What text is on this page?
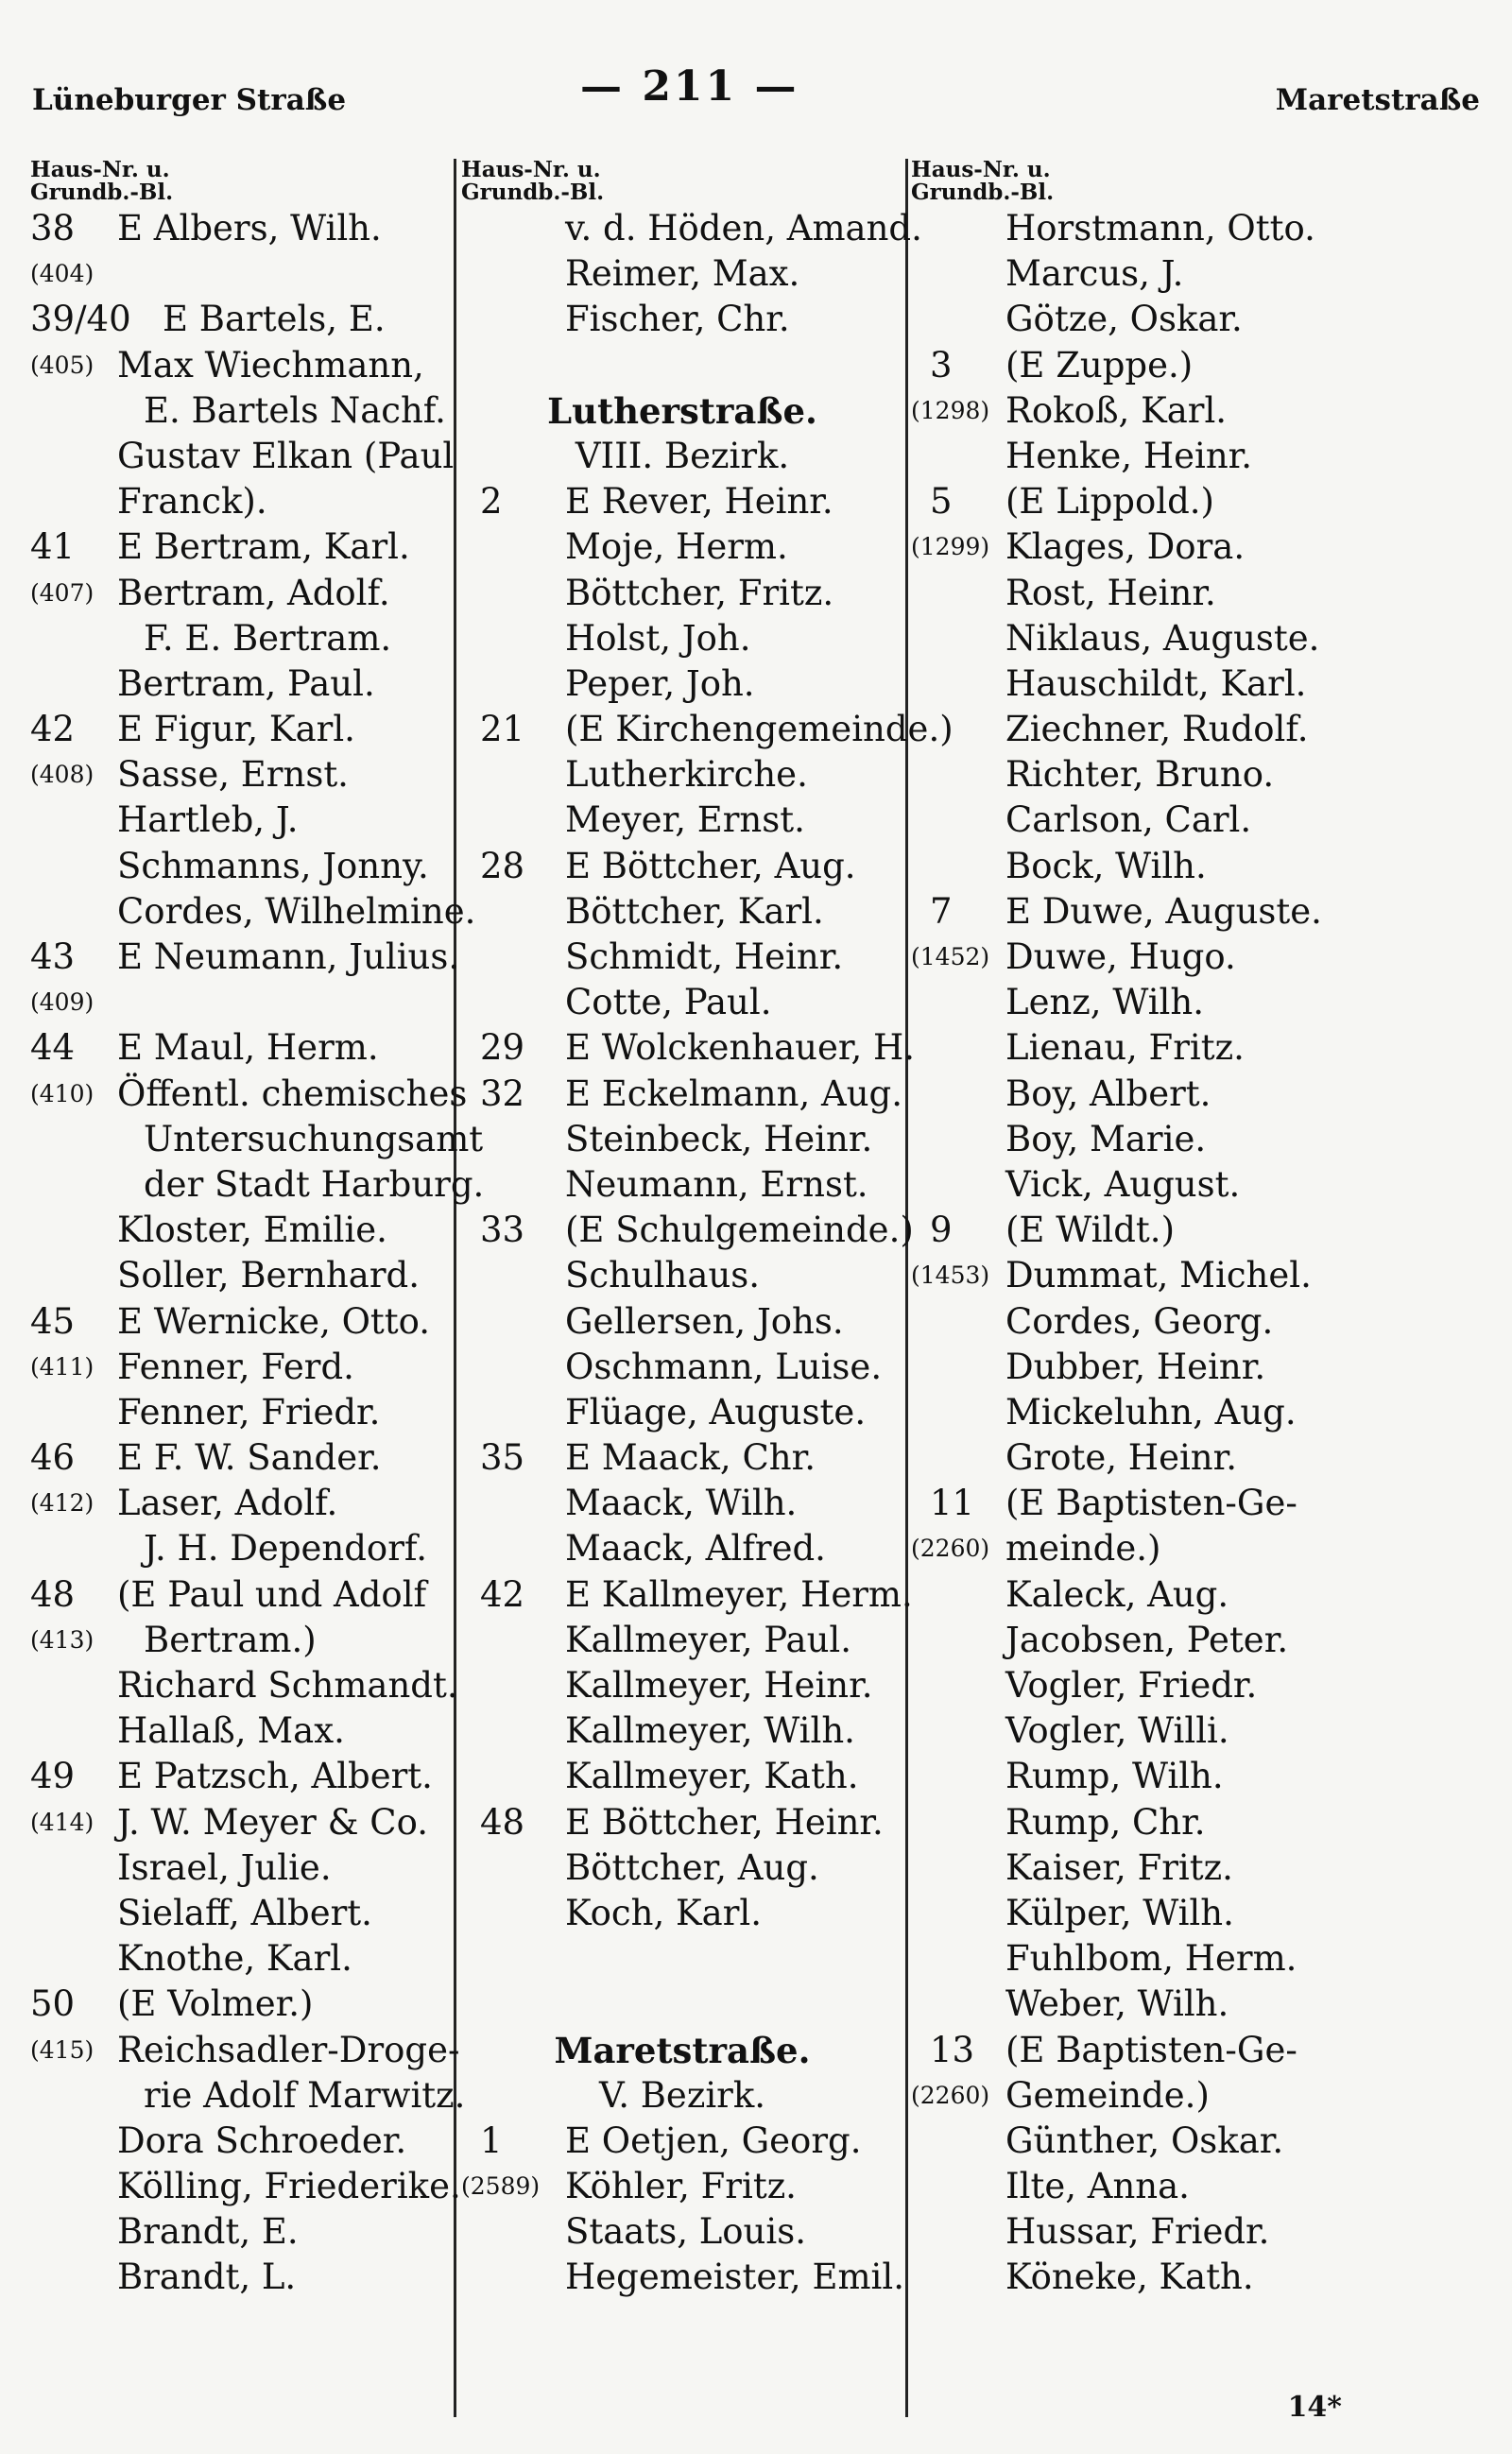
Lüneburger Straße	— 211 —	Maretstraße
Haus-Nr. u.
Grundb.-Bl.
38 E Albers, Wilh.
(404)
39/40 E Bartels, E.
(405) Max Wiechmann,
E. Bartels Nachf.
Gustav Elkan (Paul
Franck).
41 E Bertram, Karl.
(407) Bertram, Adolf.
F. E. Bertram.
Bertram, Paul.
42 E Figur, Karl.
(408) Sasse, Ernst.
Hartleb, J.
Schmanns, Jonny.
Cordes, Wilhelmine.
43 E Neumann, Julius.
(409)
44 E Maul, Herm.
(410) Öffentl. chemisches
Untersuchungsamt
der Stadt Harburg.
Kloster, Emilie.
Soller, Bernhard.
45 E Wernicke, Otto.
(411) Fenner, Ferd.
Fenner, Friedr.
46 E F. W. Sander.
(412) Laser, Adolf.
J. H. Dependorf.
48 (E Paul und Adolf
(413) Bertram.)
Richard Schmandt.
Hallaß, Max.
49 E Patzsch, Albert.
(414) J. W. Meyer & Co.
Israel, Julie.
Sielaff, Albert.
Knothe, Karl.
50 (E Volmer.)
(415) Reichsadler-Droge-
rie Adolf Marwitz.
Dora Schroeder.
Kölling, Friederike.
Brandt, E.
Brandt, L.
Haus-Nr. u.
Grundb.-Bl.
v. d. Höden, Amand.
Reimer, Max.
Fischer, Chr.
Lutherstraße.
VIII. Bezirk.
2 E Rever, Heinr.
Moje, Herm.
Böttcher, Fritz.
Holst, Joh.
Peper, Joh.
21 (E Kirchengemeinde.)
Lutherkirche.
Meyer, Ernst.
28 E Böttcher, Aug.
Böttcher, Karl.
Schmidt, Heinr.
Cotte, Paul.
29 E Wolckenhauer, H.
32 E Eckelmann, Aug.
Steinbeck, Heinr.
Neumann, Ernst.
33 (E Schulgemeinde.)
Schulhaus.
Gellersen, Johs.
Oschmann, Luise.
Flüage, Auguste.
35 E Maack, Chr.
Maack, Wilh.
Maack, Alfred.
42 E Kallmeyer, Herm.
Kallmeyer, Paul.
Kallmeyer, Heinr.
Kallmeyer, Wilh.
Kallmeyer, Kath.
48 E Böttcher, Heinr.
Böttcher, Aug.
Koch, Karl.
Maretstraße.
V. Bezirk.
1 E Oetjen, Georg.
(2589) Köhler, Fritz.
Staats, Louis.
Hegemeister, Emil.
Haus-Nr. u.
Grundb.-Bl.
Horstmann, Otto.
Marcus, J.
Götze, Oskar.
3 (E Zuppe.)
(1298) Rokoß, Karl.
Henke, Heinr.
5 (E Lippold.)
(1299) Klages, Dora.
Rost, Heinr.
Niklaus, Auguste.
Hauschildt, Karl.
Ziechner, Rudolf.
Richter, Bruno.
Carlson, Carl.
Bock, Wilh.
7 E Duwe, Auguste.
(1452) Duwe, Hugo.
Lenz, Wilh.
Lienau, Fritz.
Boy, Albert.
Boy, Marie.
Vick, August.
9 (E Wildt.)
(1453) Dummat, Michel.
Cordes, Georg.
Dubber, Heinr.
Mickeluhn, Aug.
Grote, Heinr.
11 (E Baptisten-Ge-
(2260) meinde.)
Kaleck, Aug.
Jacobsen, Peter.
Vogler, Friedr.
Vogler, Willi.
Rump, Wilh.
Rump, Chr.
Kaiser, Fritz.
Külper, Wilh.
Fuhlbom, Herm.
Weber, Wilh.
13 (E Baptisten-Ge-
(2260) Gemeinde.)
Günther, Oskar.
Ilte, Anna.
Hussar, Friedr.
Köneke, Kath.
14*
